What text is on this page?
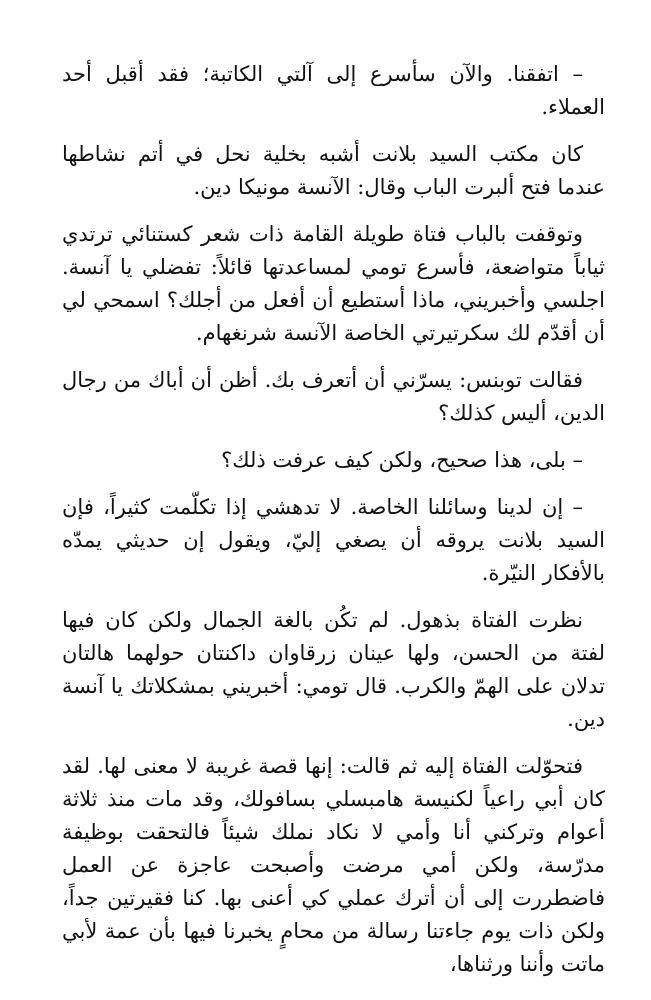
– اتفقنا. والآن سأسرع إلى آلتي الكاتبة؛ فقد أقبل أحد العملاء.

كان مكتب السيد بلانت أشبه بخلية نحل في أتم نشاطها عندما فتح ألبرت الباب وقال: الآنسة مونيكا دين.

وتوقفت بالباب فتاة طويلة القامة ذات شعر كستنائي ترتدي ثياباً متواضعة، فأسرع تومي لمساعدتها قائلاً: تفضلي يا آنسة. اجلسي وأخبريني، ماذا أستطيع أن أفعل من أجلك؟ اسمحي لي أن أقدّم لك سكرتيرتي الخاصة الآنسة شرنغهام.

فقالت توبنس: يسرّني أن أتعرف بك. أظن أن أباك من رجال الدين، أليس كذلك؟

– بلى، هذا صحيح، ولكن كيف عرفت ذلك؟

– إن لدينا وسائلنا الخاصة. لا تدهشي إذا تكلّمت كثيراً، فإن السيد بلانت يروقه أن يصغي إليّ، ويقول إن حديثي يمدّه بالأفكار النيّرة.

نظرت الفتاة بذهول. لم تكُن بالغة الجمال ولكن كان فيها لفتة من الحسن، ولها عينان زرقاوان داكنتان حولهما هالتان تدلان على الهمّ والكرب. قال تومي: أخبريني بمشكلاتك يا آنسة دين.

فتحوّلت الفتاة إليه ثم قالت: إنها قصة غريبة لا معنى لها. لقد كان أبي راعياً لكنيسة هامبسلي بسافولك، وقد مات منذ ثلاثة أعوام وتركني أنا وأمي لا نكاد نملك شيئاً فالتحقت بوظيفة مدرّسة، ولكن أمي مرضت وأصبحت عاجزة عن العمل فاضطررت إلى أن أترك عملي كي أعنى بها. كنا فقيرتين جداً، ولكن ذات يوم جاءتنا رسالة من محامٍ يخبرنا فيها بأن عمة لأبي ماتت وأننا ورثناها،
